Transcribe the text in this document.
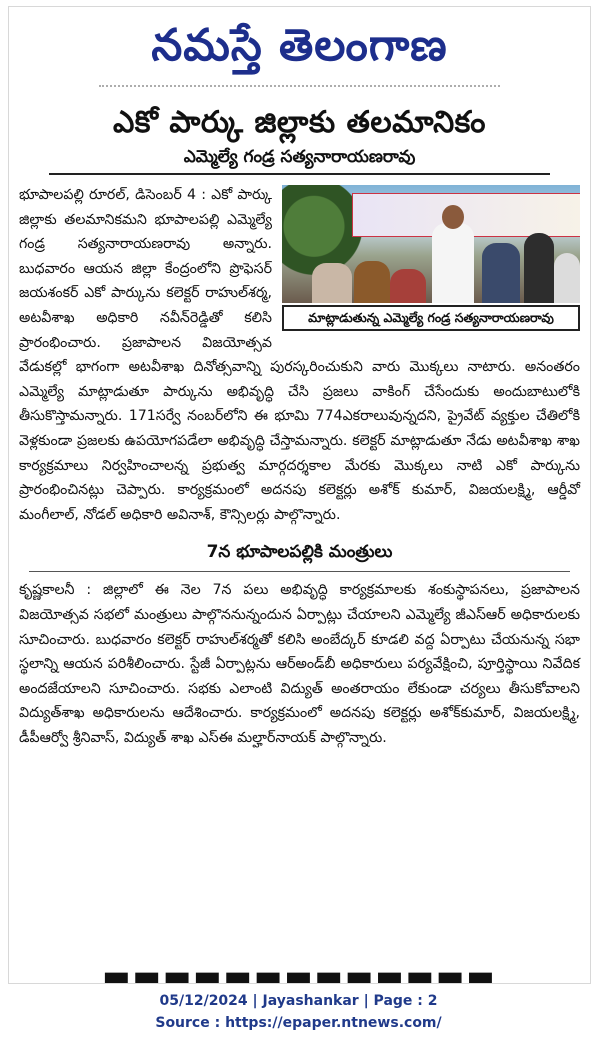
నమస్తే తెలంగాణ
ఎకో పార్కు జిల్లాకు తలమానికం
ఎమ్మెల్యే గండ్ర సత్యనారాయణరావు
మాట్లాడుతున్న ఎమ్మెల్యే గండ్ర సత్యనారాయణరావు

భూపాలపల్లి రూరల్, డిసెంబర్ 4 : ఎకో పార్కు జిల్లాకు తలమానికమని భూపాలపల్లి ఎమ్మెల్యే గండ్ర సత్యనారాయణరావు అన్నారు. బుధవారం ఆయన జిల్లా కేంద్రంలోని ప్రొఫెసర్ జయశంకర్ ఎకో పార్కును కలెక్టర్ రాహుల్‌శర్మ, అటవీశాఖ అధికారి నవీన్‌రెడ్డితో కలిసి ప్రారంభించారు. ప్రజాపాలన విజయోత్సవ వేడుకల్లో భాగంగా అటవీశాఖ దినోత్సవాన్ని పురస్కరించుకుని వారు మొక్కలు నాటారు. అనంతరం ఎమ్మెల్యే మాట్లాడుతూ పార్కును అభివృద్ధి చేసి ప్రజలు వాకింగ్ చేసేందుకు అందుబాటులోకి తీసుకొస్తామన్నారు. 171సర్వే నంబర్‌లోని ఈ భూమి 774ఎకరాలువున్నదని, ప్రైవేట్ వ్యక్తుల చేతిలోకి వెళ్లకుండా ప్రజలకు ఉపయోగపడేలా అభివృద్ధి చేస్తామన్నారు. కలెక్టర్ మాట్లాడుతూ నేడు అటవీశాఖ శాఖ కార్యక్రమాలు నిర్వహించాలన్న ప్రభుత్వ మార్గదర్శకాల మేరకు మొక్కలు నాటి ఎకో పార్కును ప్రారంభించినట్లు చెప్పారు. కార్యక్రమంలో అదనపు కలెక్టర్లు అశోక్ కుమార్, విజయలక్ష్మి, ఆర్డీవో మంగీలాల్, నోడల్ అధికారి అవినాశ్, కౌన్సిలర్లు పాల్గొన్నారు.

7న భూపాలపల్లికి మంత్రులు

కృష్ణకాలనీ : జిల్లాలో ఈ నెల 7న పలు అభివృద్ధి కార్యక్రమాలకు శంకుస్థాపనలు, ప్రజాపాలన విజయోత్సవ సభలో మంత్రులు పాల్గొననున్నందున ఏర్పాట్లు చేయాలని ఎమ్మెల్యే జీఎస్ఆర్ అధికారులకు సూచించారు. బుధవారం కలెక్టర్ రాహుల్‌శర్మతో కలిసి అంబేద్కర్ కూడలి వద్ద ఏర్పాటు చేయనున్న సభా స్థలాన్ని ఆయన పరిశీలించారు. స్టేజీ ఏర్పాట్లను ఆర్‌అండ్‌బీ అధికారులు పర్యవేక్షించి, పూర్తిస్థాయి నివేదిక అందజేయాలని సూచించారు. సభకు ఎలాంటి విద్యుత్ అంతరాయం లేకుండా చర్యలు తీసుకోవాలని విద్యుత్‌శాఖ అధికారులను ఆదేశించారు. కార్యక్రమంలో అదనపు కలెక్టర్లు అశోక్‌కుమార్, విజయలక్ష్మి, డీపీఆర్వో శ్రీనివాస్, విద్యుత్ శాఖ ఎస్ఈ మల్హార్‌నాయక్ పాల్గొన్నారు.

▬▬▬▬▬▬▬▬▬▬▬▬▬
05/12/2024 | Jayashankar | Page : 2
Source : https://epaper.ntnews.com/
